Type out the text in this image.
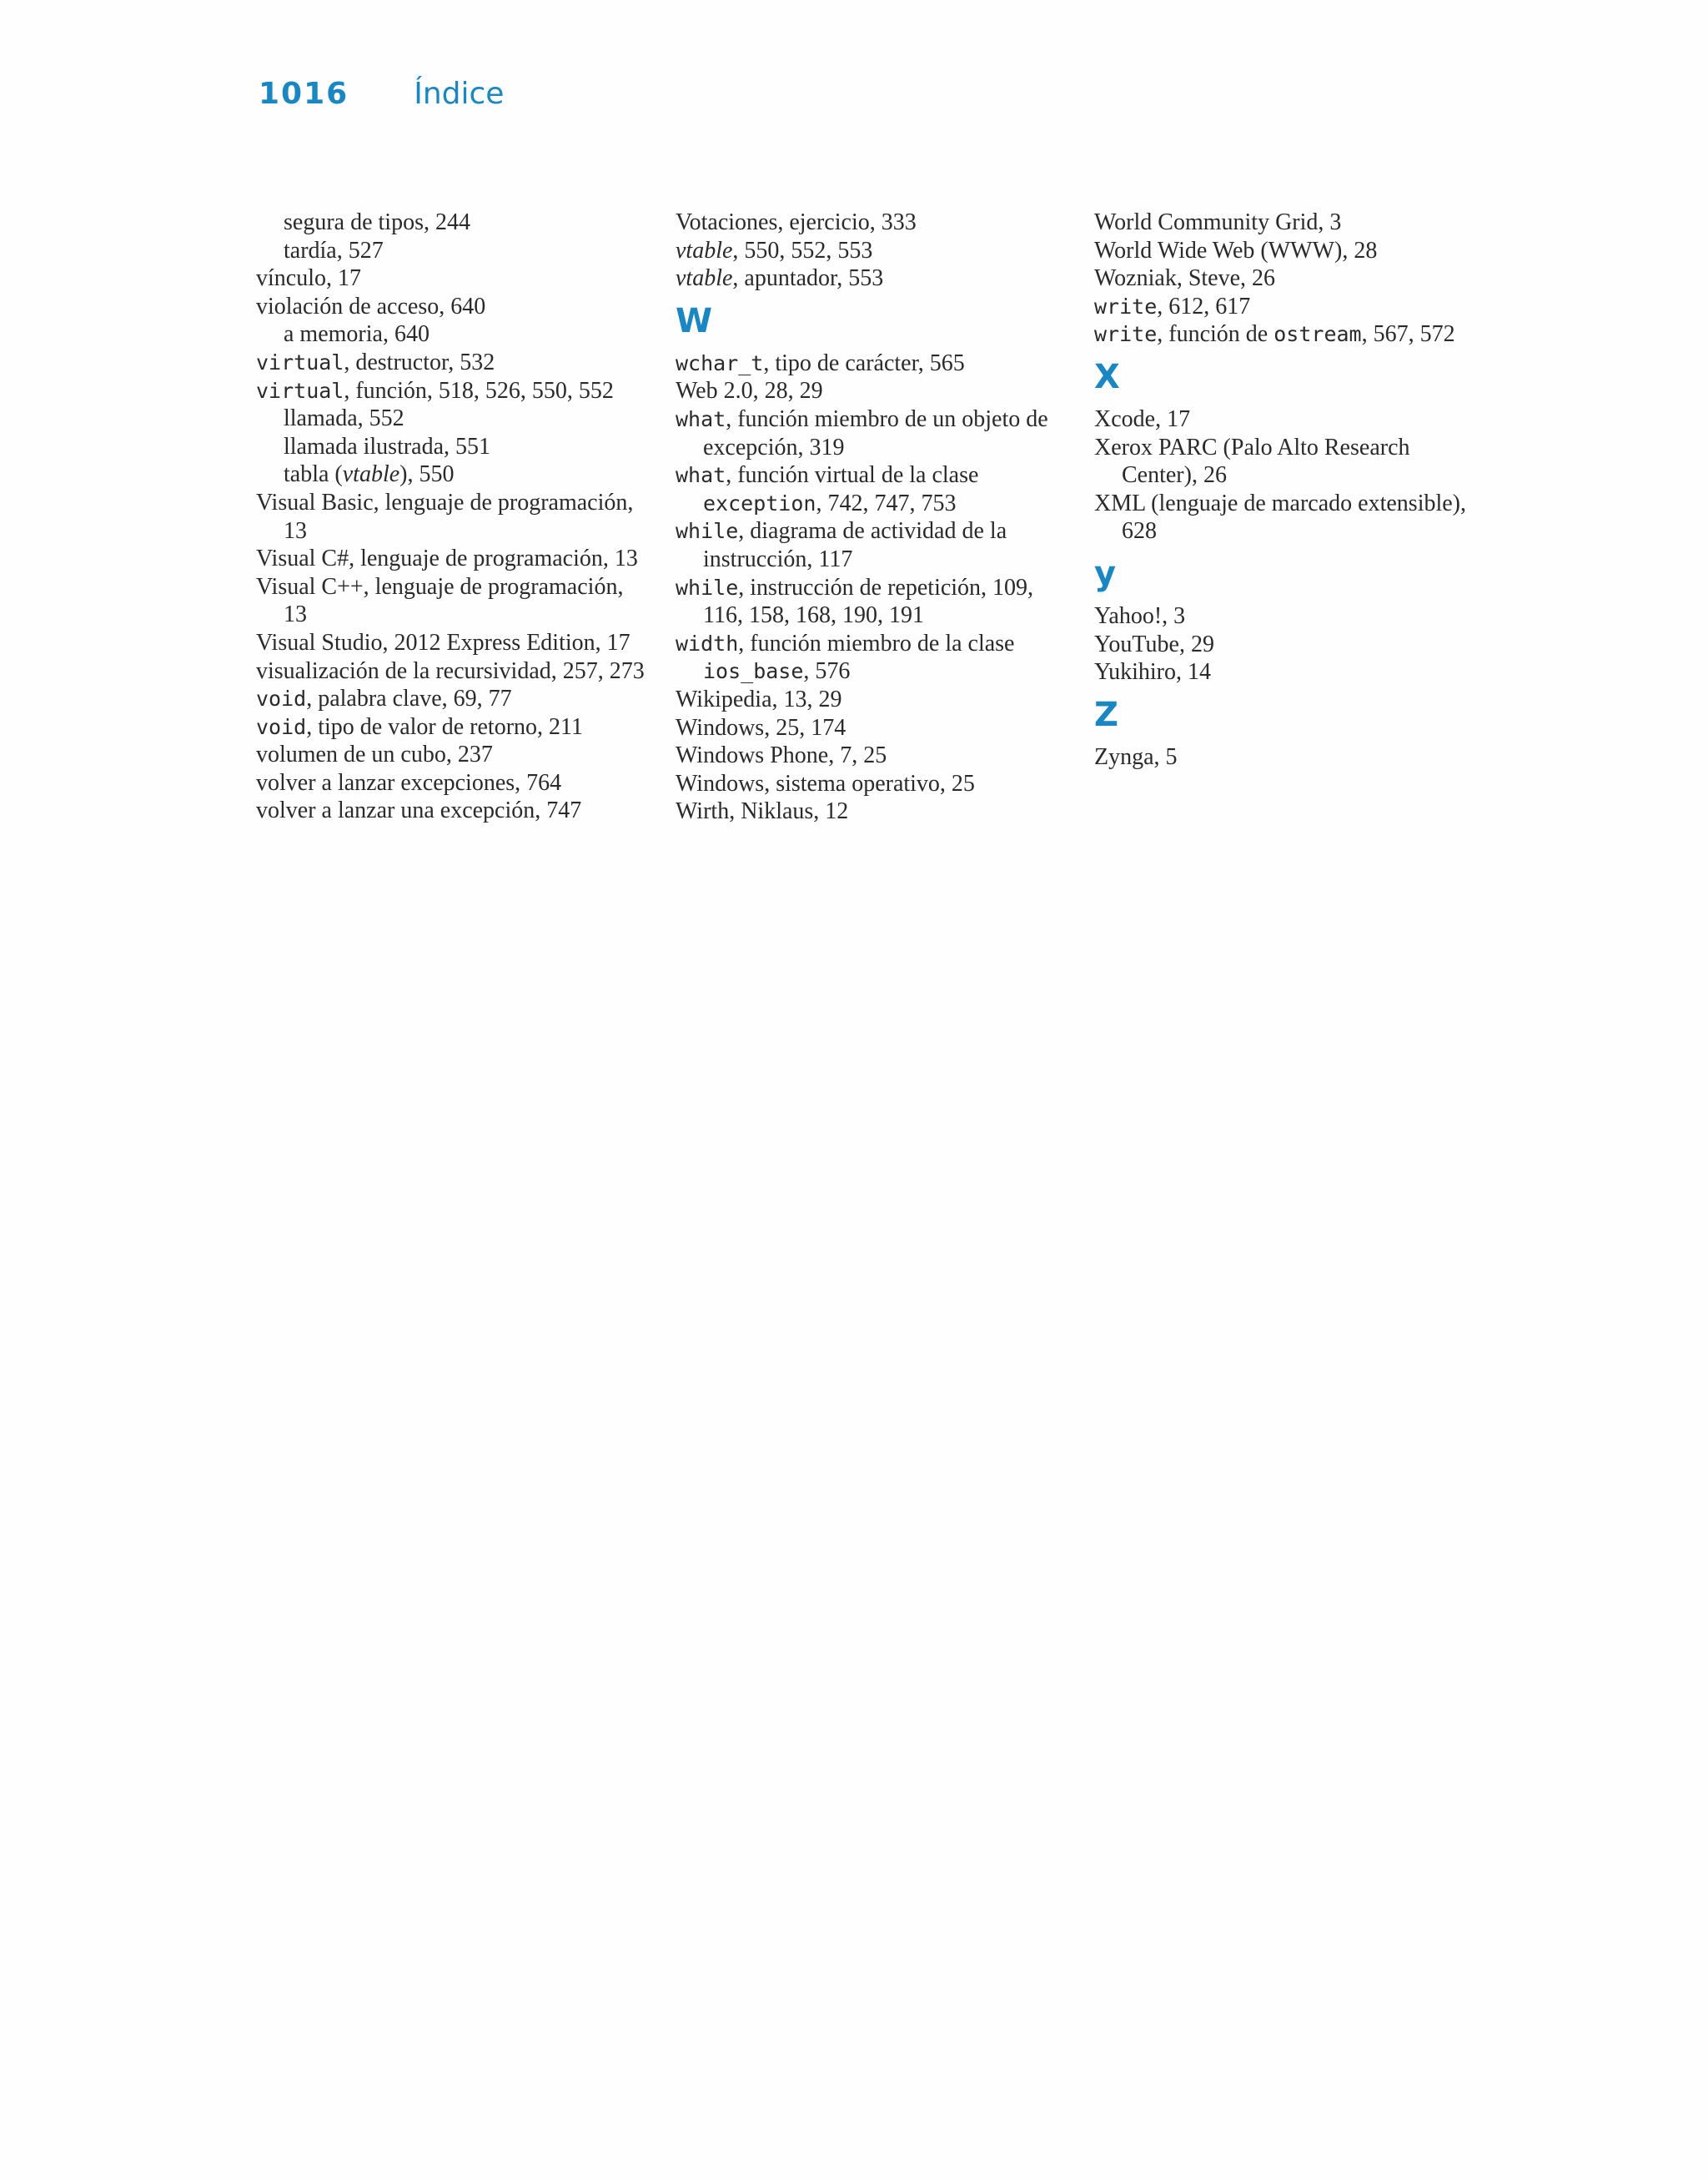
1016 Índice
segura de tipos, 244
tardía, 527
vínculo, 17
violación de acceso, 640
a memoria, 640
virtual, destructor, 532
virtual, función, 518, 526, 550, 552
llamada, 552
llamada ilustrada, 551
tabla (vtable), 550
Visual Basic, lenguaje de programación, 13
Visual C#, lenguaje de programación, 13
Visual C++, lenguaje de programación, 13
Visual Studio, 2012 Express Edition, 17
visualización de la recursividad, 257, 273
void, palabra clave, 69, 77
void, tipo de valor de retorno, 211
volumen de un cubo, 237
volver a lanzar excepciones, 764
volver a lanzar una excepción, 747
Votaciones, ejercicio, 333
vtable, 550, 552, 553
vtable, apuntador, 553
W
wchar_t, tipo de carácter, 565
Web 2.0, 28, 29
what, función miembro de un objeto de excepción, 319
what, función virtual de la clase exception, 742, 747, 753
while, diagrama de actividad de la instrucción, 117
while, instrucción de repetición, 109, 116, 158, 168, 190, 191
width, función miembro de la clase ios_base, 576
Wikipedia, 13, 29
Windows, 25, 174
Windows Phone, 7, 25
Windows, sistema operativo, 25
Wirth, Niklaus, 12
World Community Grid, 3
World Wide Web (WWW), 28
Wozniak, Steve, 26
write, 612, 617
write, función de ostream, 567, 572
X
Xcode, 17
Xerox PARC (Palo Alto Research Center), 26
XML (lenguaje de marcado extensible), 628
y
Yahoo!, 3
YouTube, 29
Yukihiro, 14
Z
Zynga, 5
